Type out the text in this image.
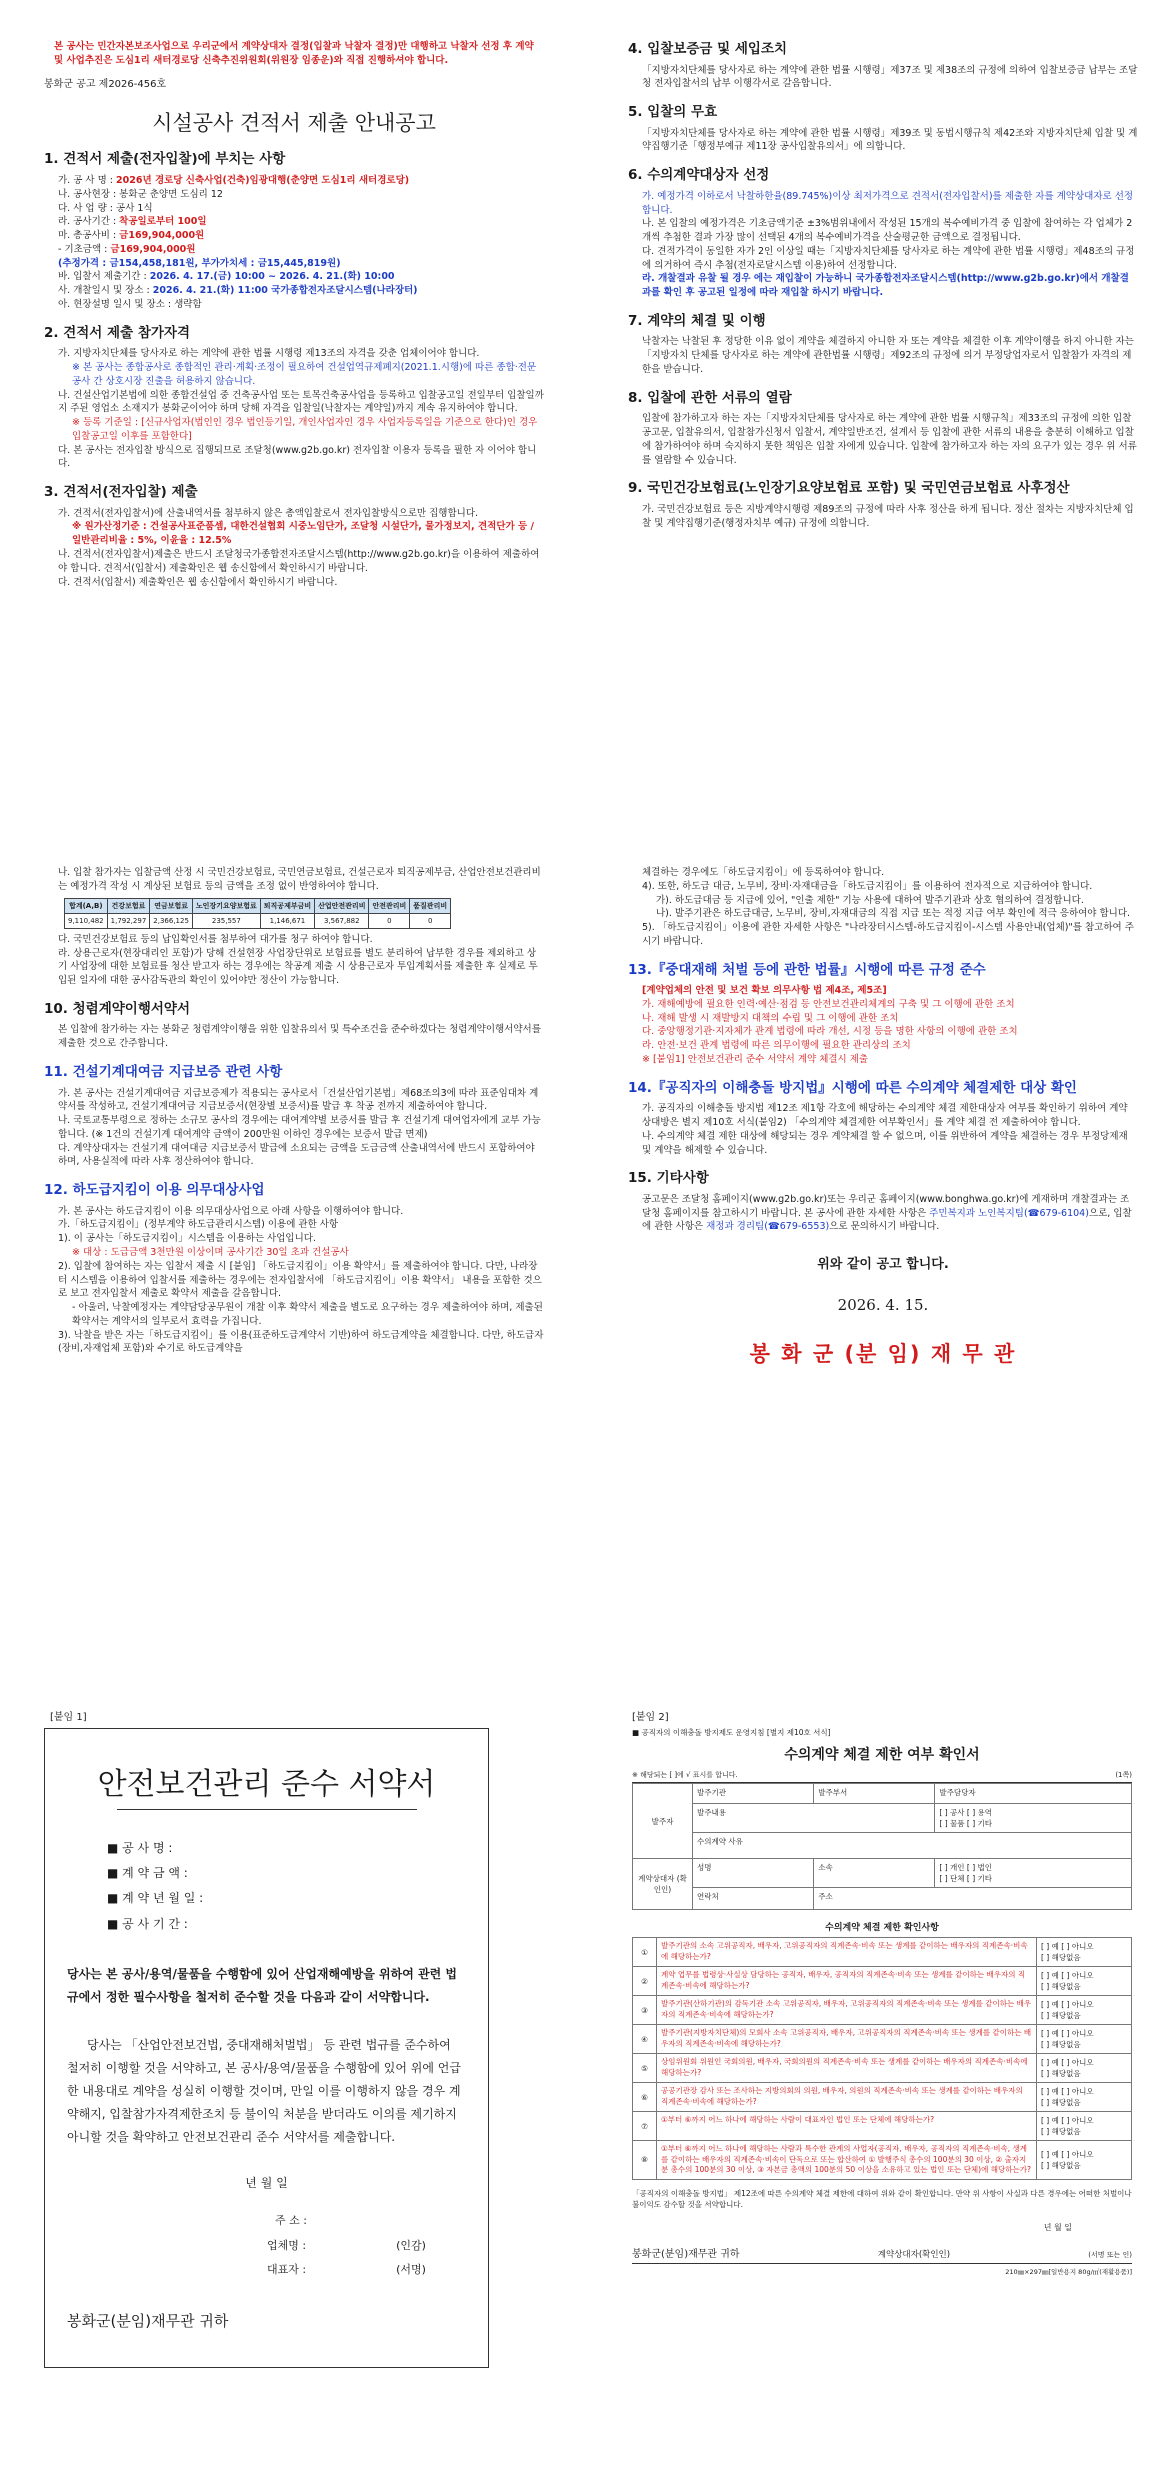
본 공사는 민간자본보조사업으로 우리군에서 계약상대자 결정(입찰과 낙찰자 결정)만 대행하고 낙찰자 선정 후 계약 및 사업추진은 도심1리 새터경로당 신축추진위원회(위원장 임종운)와 직접 진행하셔야 합니다.

봉화군 공고 제2026-456호

시설공사 견적서 제출 안내공고
1. 견적서 제출(전자입찰)에 부치는 사항
가. 공 사 명 : 2026년 경로당 신축사업(건축)임광대행(춘양면 도심1리 새터경로당)
나. 공사현장 : 봉화군 춘양면 도심리 12
다. 사 업 량 : 공사 1식
라. 공사기간 : 착공일로부터 100일
마. 총공사비 : 금169,904,000원
- 기초금액 : 금169,904,000원
(추정가격 : 금154,458,181원, 부가가치세 : 금15,445,819원)
바. 입찰서 제출기간 : 2026. 4. 17.(금) 10:00 ~ 2026. 4. 21.(화) 10:00
사. 개찰일시 및 장소 : 2026. 4. 21.(화) 11:00 국가종합전자조달시스템(나라장터)
아. 현장설명 일시 및 장소 : 생략함
2. 견적서 제출 참가자격

가. 지방자치단체를 당사자로 하는 계약에 관한 법률 시행령 제13조의 자격을 갖춘 업체이어야 합니다.

※ 본 공사는 종합공사로 종합적인 관리·계획·조정이 필요하여 건설업역규제폐지(2021.1.시행)에 따른 종합·전문 공사 간 상호시장 진출을 허용하지 않습니다.

나. 건설산업기본법에 의한 종합건설업 중 건축공사업 또는 토목건축공사업을 등록하고 입찰공고일 전일부터 입찰일까지 주된 영업소 소재지가 봉화군이어야 하며 당해 자격을 입찰일(낙찰자는 계약일)까지 계속 유지하여야 합니다.

※ 등록 기준일 : [신규사업자(법인인 경우 법인등기일, 개인사업자인 경우 사업자등록일을 기준으로 한다)인 경우 입찰공고일 이후를 포함한다]

다. 본 공사는 전자입찰 방식으로 집행되므로 조달청(www.g2b.go.kr) 전자입찰 이용자 등록을 필한 자 이어야 합니다.

3. 견적서(전자입찰) 제출

가. 견적서(전자입찰서)에 산출내역서를 첨부하지 않은 총액입찰로서 전자입찰방식으로만 집행합니다.

※ 원가산정기준 : 건설공사표준품셈, 대한건설협회 시중노임단가, 조달청 시설단가, 물가정보지, 견적단가 등 / 일반관리비율 : 5%, 이윤율 : 12.5%

나. 견적서(전자입찰서)제출은 반드시 조달청국가종합전자조달시스템(http://www.g2b.go.kr)을 이용하여 제출하여야 합니다. 견적서(입찰서) 제출확인은 웹 송신함에서 확인하시기 바랍니다.

다. 견적서(입찰서) 제출확인은 웹 송신함에서 확인하시기 바랍니다.

4. 입찰보증금 및 세입조치

「지방자치단체를 당사자로 하는 계약에 관한 법률 시행령」제37조 및 제38조의 규정에 의하여 입찰보증금 납부는 조달청 전자입찰서의 납부 이행각서로 갈음합니다.

5. 입찰의 무효

「지방자치단체를 당사자로 하는 계약에 관한 법률 시행령」제39조 및 동법시행규칙 제42조와 지방자치단체 입찰 및 계약집행기준「행정부예규 제11장 공사입찰유의서」에 의합니다.

6. 수의계약대상자 선정

가. 예정가격 이하로서 낙찰하한율(89.745%)이상 최저가격으로 견적서(전자입찰서)를 제출한 자를 계약상대자로 선정합니다.

나. 본 입찰의 예정가격은 기초금액기준 ±3%범위내에서 작성된 15개의 복수예비가격 중 입찰에 참여하는 각 업체가 2개씩 추첨한 결과 가장 많이 선택된 4개의 복수예비가격을 산술평균한 금액으로 결정됩니다.

다. 견적가격이 동일한 자가 2인 이상일 때는「지방자치단체를 당사자로 하는 계약에 관한 법률 시행령」제48조의 규정에 의거하여 즉시 추첨(전자로달시스템 이용)하여 선정합니다.

라. 개찰결과 유찰 될 경우 에는 재입찰이 가능하니 국가종합전자조달시스템(http://www.g2b.go.kr)에서 개찰결과를 확인 후 공고된 일정에 따라 재입찰 하시기 바랍니다.

7. 계약의 체결 및 이행

낙찰자는 낙찰된 후 정당한 이유 없이 계약을 체결하지 아니한 자 또는 계약을 체결한 이후 계약이행을 하지 아니한 자는「지방자치 단체를 당사자로 하는 계약에 관한법률 시행령」제92조의 규정에 의거 부정당업자로서 입찰참가 자격의 제한을 받습니다.

8. 입찰에 관한 서류의 열람

입찰에 참가하고자 하는 자는「지방자치단체를 당사자로 하는 계약에 관한 법률 시행규칙」제33조의 규정에 의한 입찰공고문, 입찰유의서, 입찰참가신청서 입찰서, 계약일반조건, 설계서 등 입찰에 관한 서류의 내용을 충분히 이해하고 입찰에 참가하여야 하며 숙지하지 못한 책임은 입찰 자에게 있습니다. 입찰에 참가하고자 하는 자의 요구가 있는 경우 위 서류를 열람할 수 있습니다.

9. 국민건강보험료(노인장기요양보험료 포함) 및 국민연금보험료 사후정산

가. 국민건강보험료 등은 지방계약시행령 제89조의 규정에 따라 사후 정산을 하게 됩니다. 정산 절차는 지방자치단체 입찰 및 계약집행기준(행정자치부 예규) 규정에 의합니다.

나. 입찰 참가자는 입찰금액 산정 시 국민건강보험료, 국민연금보험료, 건설근로자 퇴직공제부금, 산업안전보건관리비는 예정가격 작성 시 계상된 보험료 등의 금액을 조정 없이 반영하여야 합니다.

합계(A,B)	건강보험료	연금보험료	노인장기요양보험료	퇴직공제부금비	산업안전관리비	안전관리비	품질관리비
9,110,482	1,792,297	2,366,125	235,557	1,146,671	3,567,882	0	0

다. 국민건강보험료 등의 납입확인서를 첨부하여 대가를 청구 하여야 합니다.

라. 상용근로자(현장대리인 포함)가 당해 건설현장 사업장단위로 보험료를 별도 분리하여 납부한 경우를 제외하고 상기 사업장에 대한 보험료를 청산 받고자 하는 경우에는 착공계 제출 시 상용근로자 투입계획서를 제출한 후 실제로 투입된 일자에 대한 공사감독관의 확인이 있어야만 정산이 가능합니다.

10. 청렴계약이행서약서

본 입찰에 참가하는 자는 봉화군 청렴계약이행을 위한 입찰유의서 및 특수조건을 준수하겠다는 청렴계약이행서약서를 제출한 것으로 간주합니다.

11. 건설기계대여금 지급보증 관련 사항

가. 본 공사는 건설기계대여금 지급보증제가 적용되는 공사로서「건설산업기본법」제68조의3에 따라 표준임대차 계약서를 작성하고, 건설기계대여금 지급보증서(현장별 보증서)를 발급 후 착공 전까지 제출하여야 합니다.

나. 국토교통부령으로 정하는 소규모 공사의 경우에는 대여계약별 보증서를 발급 후 건설기계 대여업자에게 교부 가능합니다. (※ 1건의 건설기계 대여계약 금액이 200만원 이하인 경우에는 보증서 발급 면제)

다. 계약상대자는 건설기계 대여대금 지급보증서 발급에 소요되는 금액을 도급금액 산출내역서에 반드시 포함하여야 하며, 사용실적에 따라 사후 정산하여야 합니다.

12. 하도급지킴이 이용 의무대상사업

가. 본 공사는 하도급지킴이 이용 의무대상사업으로 아래 사항을 이행하여야 합니다.

가.「하도급지킴이」(정부계약 하도급관리시스템) 이용에 관한 사항

1). 이 공사는「하도급지킴이」시스템을 이용하는 사업입니다.

※ 대상 : 도급금액 3천만원 이상이며 공사기간 30일 초과 건설공사

2). 입찰에 참여하는 자는 입찰서 제출 시 [붙임] 「하도급지킴이」이용 확약서」를 제출하여야 합니다. 다만, 나라장터 시스템을 이용하여 입찰서를 제출하는 경우에는 전자입찰서에 「하도급지킴이」이용 확약서」 내용을 포함한 것으로 보고 전자입찰서 제출로 확약서 제출을 갈음합니다.

- 아울러, 낙찰예정자는 계약담당공무원이 개찰 이후 확약서 제출을 별도로 요구하는 경우 제출하여야 하며, 제출된 확약서는 계약서의 일부로서 효력을 가집니다.

3). 낙찰을 받은 자는「하도급지킴이」를 이용(표준하도급계약서 기반)하여 하도급계약을 체결합니다. 다만, 하도급자(장비,자재업체 포함)와 수기로 하도급계약을

체결하는 경우에도「하도급지킴이」에 등록하여야 합니다.

4). 또한, 하도급 대금, 노무비, 장비·자재대금을「하도급지킴이」를 이용하여 전자적으로 지급하여야 합니다.

가). 하도급대금 등 지급에 있어, "인출 제한" 기능 사용에 대하여 발주기관과 상호 협의하여 결정합니다.

나). 발주기관은 하도급대금, 노무비, 장비,자재대금의 직접 지급 또는 적정 지급 여부 확인에 적극 응하여야 합니다.

5). 「하도급지킴이」이용에 관한 자세한 사항은 "나라장터시스템-하도급지킴이-시스템 사용안내(업체)"를 참고하여 주시기 바랍니다.

13.『중대재해 처벌 등에 관한 법률』시행에 따른 규정 준수

[계약업체의 안전 및 보건 확보 의무사항 법 제4조, 제5조]

가. 재해예방에 필요한 인력·예산·점검 등 안전보건관리체계의 구축 및 그 이행에 관한 조치
나. 재해 발생 시 재발방지 대책의 수립 및 그 이행에 관한 조치
다. 중앙행정기관·지자체가 관계 법령에 따라 개선, 시정 등을 명한 사항의 이행에 관한 조치
라. 안전·보건 관계 법령에 따른 의무이행에 필요한 관리상의 조치
※ [붙임1] 안전보건관리 준수 서약서 계약 체결시 제출
14.『공직자의 이해충돌 방지법』시행에 따른 수의계약 체결제한 대상 확인

가. 공직자의 이해충돌 방지법 제12조 제1항 각호에 해당하는 수의계약 체결 제한대상자 여부를 확인하기 위하여 계약 상대방은 별지 제10호 서식(붙임2) 「수의계약 체결제한 여부확인서」를 계약 체결 전 제출하여야 합니다.

나. 수의계약 체결 제한 대상에 해당되는 경우 계약체결 할 수 없으며, 이를 위반하여 계약을 체결하는 경우 부정당제재 및 계약을 해제할 수 있습니다.

15. 기타사항

공고문은 조달청 홈페이지(www.g2b.go.kr)또는 우리군 홈페이지(www.bonghwa.go.kr)에 게재하며 개찰결과는 조달청 홈페이지를 참고하시기 바랍니다. 본 공사에 관한 자세한 사항은 주민복지과 노인복지팀(☎679-6104)으로, 입찰에 관한 사항은 재정과 경리팀(☎679-6553)으로 문의하시기 바랍니다.

위와 같이 공고 합니다.

2026. 4. 15.

봉 화 군 (분 임) 재 무 관

[붙임 1]
안전보건관리 준수 서약서
■ 공 사 명 :
■ 계 약 금 액 :
■ 계 약 년 월 일 :
■ 공 사 기 간 :

당사는 본 공사/용역/물품을 수행함에 있어 산업재해예방을 위하여 관련 법규에서 정한 필수사항을 철저히 준수할 것을 다음과 같이 서약합니다.

당사는 「산업안전보건법, 중대재해처벌법」 등 관련 법규를 준수하여 철저히 이행할 것을 서약하고, 본 공사/용역/물품을 수행함에 있어 위에 언급한 내용대로 계약을 성실히 이행할 것이며, 만일 이를 이행하지 않을 경우 계약해지, 입찰참가자격제한조치 등 불이익 처분을 받더라도 이의를 제기하지 아니할 것을 확약하고 안전보건관리 준수 서약서를 제출합니다.

년 월 일

주 소 :
업체명 :	(인감)
대표자 :	(서명)

봉화군(분임)재무관 귀하

[붙임 2]
■ 공직자의 이해충돌 방지제도 운영지침 [별지 제10호 서식]
수의계약 체결 제한 여부 확인서
※ 해당되는 [ ]에 √ 표시를 합니다.	(1쪽)
발주자	발주기관	발주부서	발주담당자
	발주내용		[ ] 공사 [ ] 용역
[ ] 물품 [ ] 기타

	수의계약 사유		
계약상대자 (확인인)	성명	소속	[ ] 개인 [ ] 법인
[ ] 단체 [ ] 기타

	연락처	주소	
수의계약 체결 제한 확인사항
①	발주기관의 소속 고위공직자, 배우자, 고위공직자의 직계존속·비속 또는 생계를 같이하는 배우자의 직계존속·비속에 해당하는가?	[ ] 예 [ ] 아니오
[ ] 해당없음

②	계약 업무를 법령상·사실상 담당하는 공직자, 배우자, 공직자의 직계존속·비속 또는 생계를 같이하는 배우자의 직계존속·비속에 해당하는가?	[ ] 예 [ ] 아니오
[ ] 해당없음

③	발주기관(산하기관)의 감독기관 소속 고위공직자, 배우자, 고위공직자의 직계존속·비속 또는 생계를 같이하는 배우자의 직계존속·비속에 해당하는가?	[ ] 예 [ ] 아니오
[ ] 해당없음

④	발주기관(지방자치단체)의 모회사 소속 고위공직자, 배우자, 고위공직자의 직계존속·비속 또는 생계를 같이하는 배우자의 직계존속·비속에 해당하는가?	[ ] 예 [ ] 아니오
[ ] 해당없음

⑤	상임위원회 위원인 국회의원, 배우자, 국회의원의 직계존속·비속 또는 생계를 같이하는 배우자의 직계존속·비속에 해당하는가?	[ ] 예 [ ] 아니오
[ ] 해당없음

⑥	공공기관장 감사 또는 조사하는 지방의회의 의원, 배우자, 의원의 직계존속·비속 또는 생계를 같이하는 배우자의 직계존속·비속에 해당하는가?	[ ] 예 [ ] 아니오
[ ] 해당없음

⑦	①부터 ⑥까지 어느 하나에 해당하는 사람이 대표자인 법인 또는 단체에 해당하는가?	[ ] 예 [ ] 아니오
[ ] 해당없음

⑧	①부터 ⑥까지 어느 하나에 해당하는 사람과 특수한 관계의 사업자(공직자, 배우자, 공직자의 직계존속·비속, 생계를 같이하는 배우자의 직계존속·비속이 단독으로 또는 합산하여 ① 발행주식 총수의 100분의 30 이상, ② 출자지분 총수의 100분의 30 이상, ③ 자본금 총액의 100분의 50 이상을 소유하고 있는 법인 또는 단체)에 해당하는가?	[ ] 예 [ ] 아니오
[ ] 해당없음

「공직자의 이해충돌 방지법」 제12조에 따른 수의계약 체결 제한에 대하여 위와 같이 확인합니다. 만약 위 사항이 사실과 다른 경우에는 어떠한 처벌이나 불이익도 감수할 것을 서약합니다.

년 월 일

봉화군(분임)재무관 귀하	계약상대자(확인인)	(서명 또는 인)
210㎜×297㎜[일반용지 80g/㎡(재활용품)]
